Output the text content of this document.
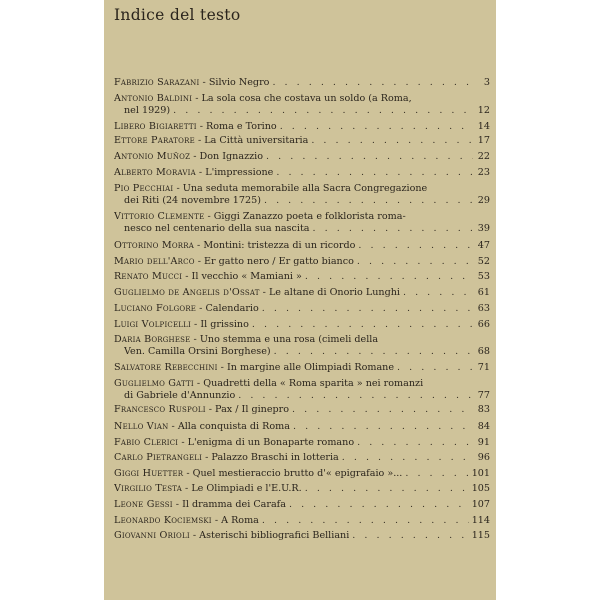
Indice del testo
Fabrizio Sarazani - Silvio Negro . . .	3
Antonio Baldini - La sola cosa che costava un soldo (a Roma,
nel 1929) . . .	12
Libero Bigiaretti - Roma e Torino . . .	14
Ettore Paratore - La Città universitaria . . .	17
Antonio Muñoz - Don Ignazzio . . .	22
Alberto Moravia - L'impressione . . .	23
Pio Pecchiai - Una seduta memorabile alla Sacra Congregazione
dei Riti (24 novembre 1725) . . .	29
Vittorio Clemente - Giggi Zanazzo poeta e folklorista roma-
nesco nel centenario della sua nascita . . .	39
Ottorino Morra - Montini: tristezza di un ricordo . . .	47
Mario dell'Arco - Er gatto nero / Er gatto bianco . . .	52
Renato Mucci - Il vecchio « Mamiani » . . .	53
Guglielmo de Angelis d'Ossat - Le altane di Onorio Lunghi . . .	61
Luciano Folgore - Calendario . . .	63
Luigi Volpicelli - Il grissino . . .	66
Daria Borghese - Uno stemma e una rosa (cimeli della
Ven. Camilla Orsini Borghese) . . .	68
Salvatore Rebecchini - In margine alle Olimpiadi Romane . . .	71
Guglielmo Gatti - Quadretti della « Roma sparita » nei romanzi
di Gabriele d'Annunzio . . .	77
Francesco Ruspoli - Pax / Il ginepro . . .	83
Nello Vian - Alla conquista di Roma . . .	84
Fabio Clerici - L'enigma di un Bonaparte romano . . .	91
Carlo Pietrangeli - Palazzo Braschi in lotteria . . .	96
Giggi Huetter - Quel mestieraccio brutto d'« epigrafaio »... . . .	101
Virgilio Testa - Le Olimpiadi e l'E.U.R. . . .	105
Leone Gessi - Il dramma dei Carafa . . .	107
Leonardo Kociemski - A Roma . . .	114
Giovanni Orioli - Asterischi bibliografici Belliani . . .	115
